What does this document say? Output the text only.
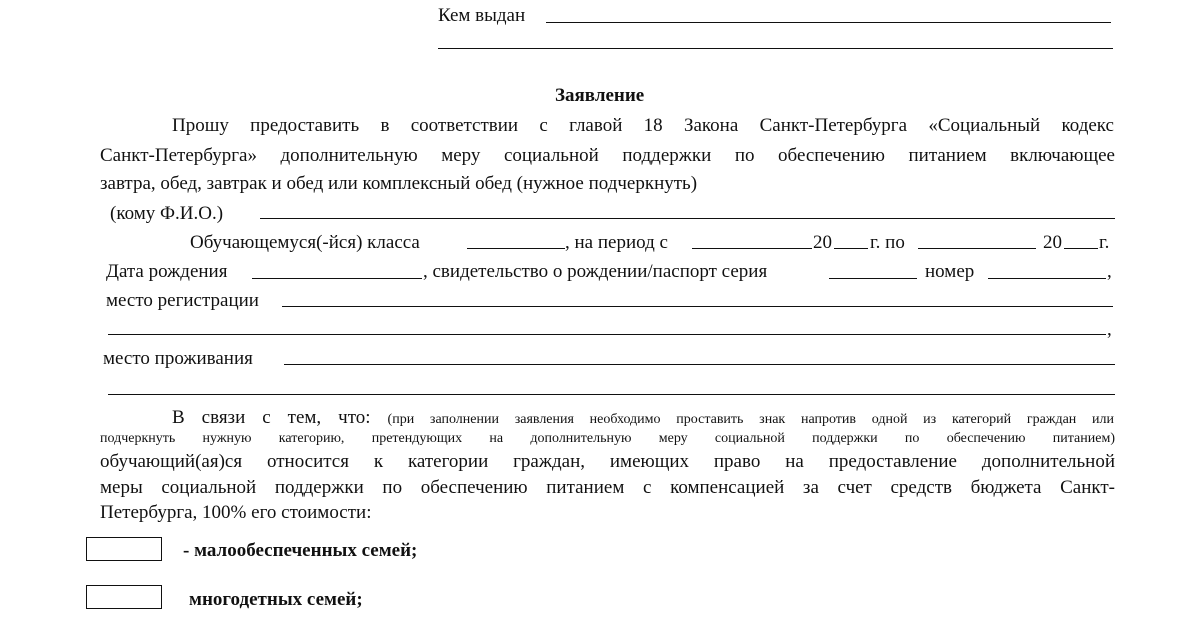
Кем выдан
Заявление
Прошу предоставить в соответствии с главой 18 Закона Санкт-Петербурга «Социальный кодекс
Санкт-Петербурга» дополнительную меру социальной поддержки по обеспечению питанием включающее
завтра, обед, завтрак и обед или комплексный обед (нужное подчеркнуть)
(кому Ф.И.О.)
Обучающемуся(-йся) класса	, на период с	20 г. по	20 г.
Дата рождения	, свидетельство о рождении/паспорт серия	номер	,
место регистрации
,
место проживания
В связи с тем, что: (при заполнении заявления необходимо проставить знак напротив одной из категорий граждан или
подчеркнуть нужную категорию, претендующих на дополнительную меру социальной поддержки по обеспечению питанием)
обучающий(ая)ся относится к категории граждан, имеющих право на предоставление дополнительной
меры социальной поддержки по обеспечению питанием с компенсацией за счет средств бюджета Санкт-
Петербурга, 100% его стоимости:
- малообеспеченных семей;
многодетных семей;
